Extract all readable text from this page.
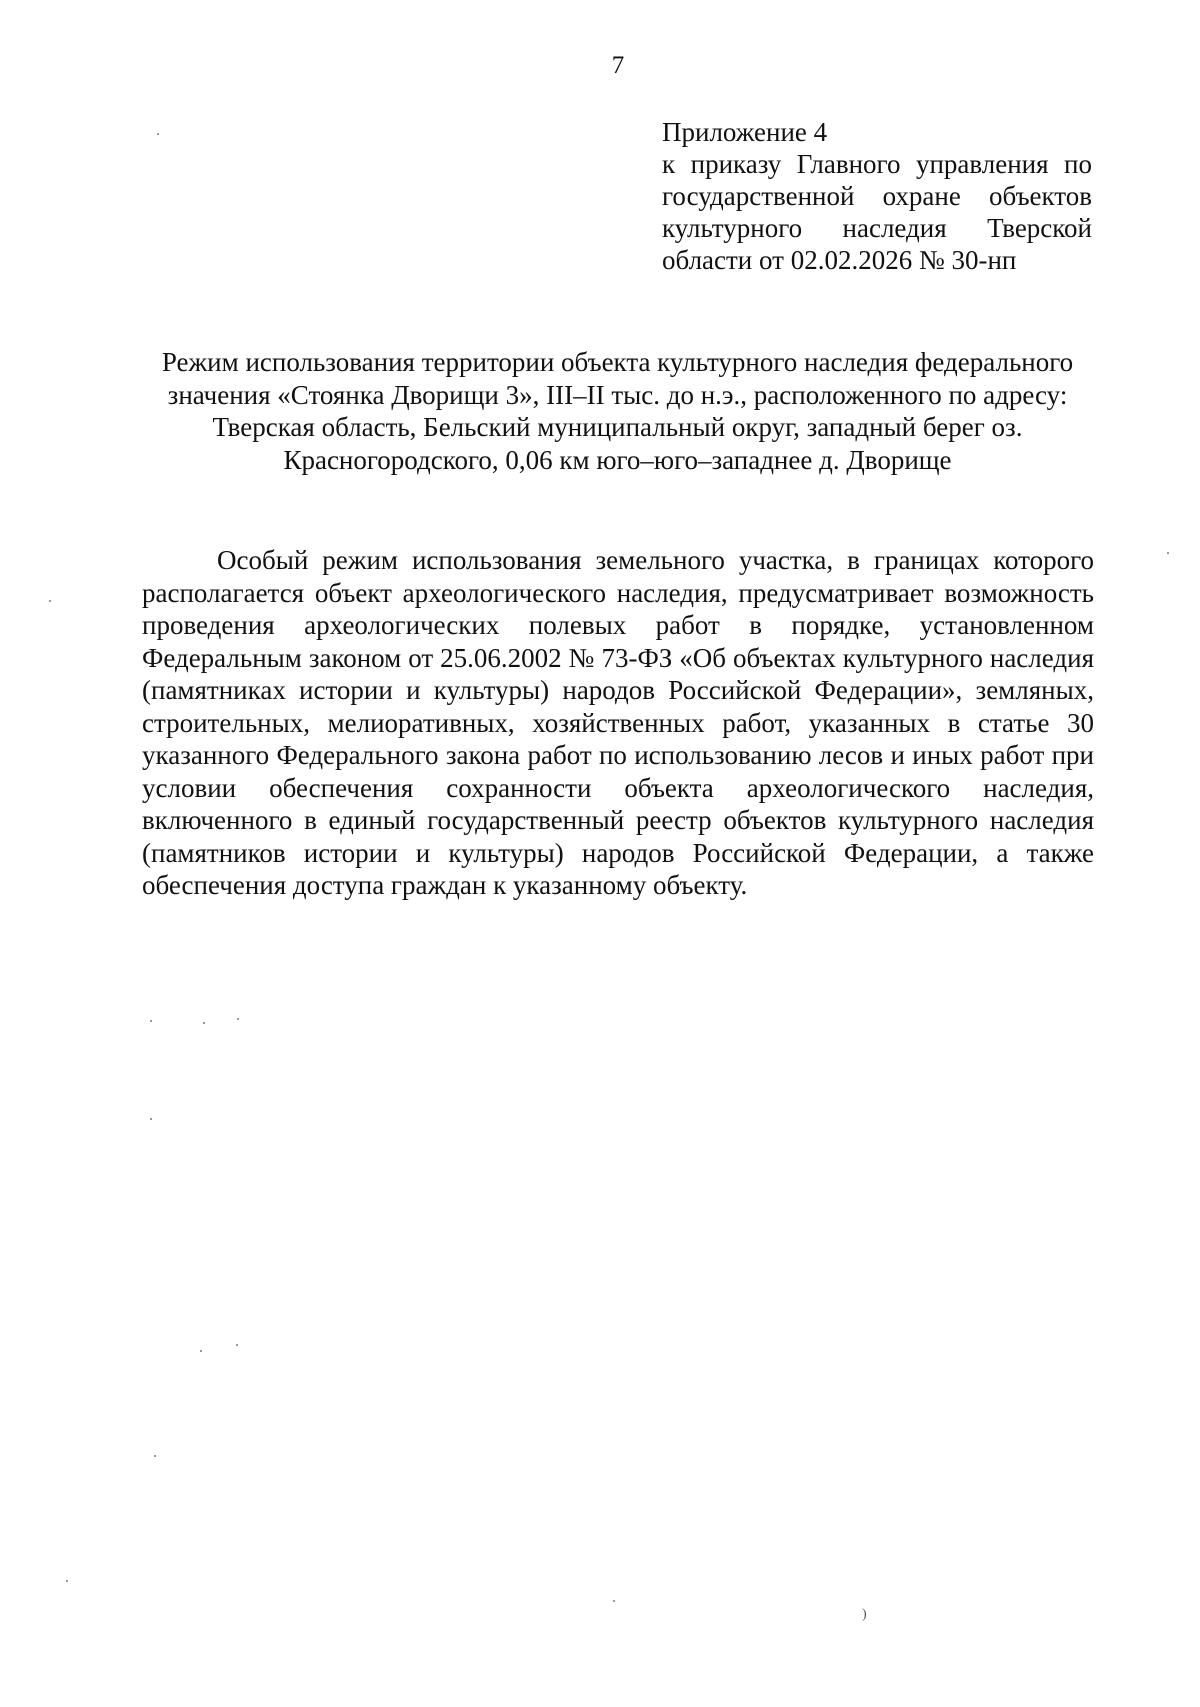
7
Приложение 4
к приказу Главного управления по государственной охране объектов культурного наследия Тверской области от 02.02.2026 № 30-нп
Режим использования территории объекта культурного наследия федерального значения «Стоянка Дворищи 3», III–II тыс. до н.э., расположенного по адресу: Тверская область, Бельский муниципальный округ, западный берег оз. Красногородского, 0,06 км юго–юго–западнее д. Дворище
Особый режим использования земельного участка, в границах которого располагается объект археологического наследия, предусматривает возможность проведения археологических полевых работ в порядке, установленном Федеральным законом от 25.06.2002 № 73-ФЗ «Об объектах культурного наследия (памятниках истории и культуры) народов Российской Федерации», земляных, строительных, мелиоративных, хозяйственных работ, указанных в статье 30 указанного Федерального закона работ по использованию лесов и иных работ при условии обеспечения сохранности объекта археологического наследия, включенного в единый государственный реестр объектов культурного наследия (памятников истории и культуры) народов Российской Федерации, а также обеспечения доступа граждан к указанному объекту.
)
